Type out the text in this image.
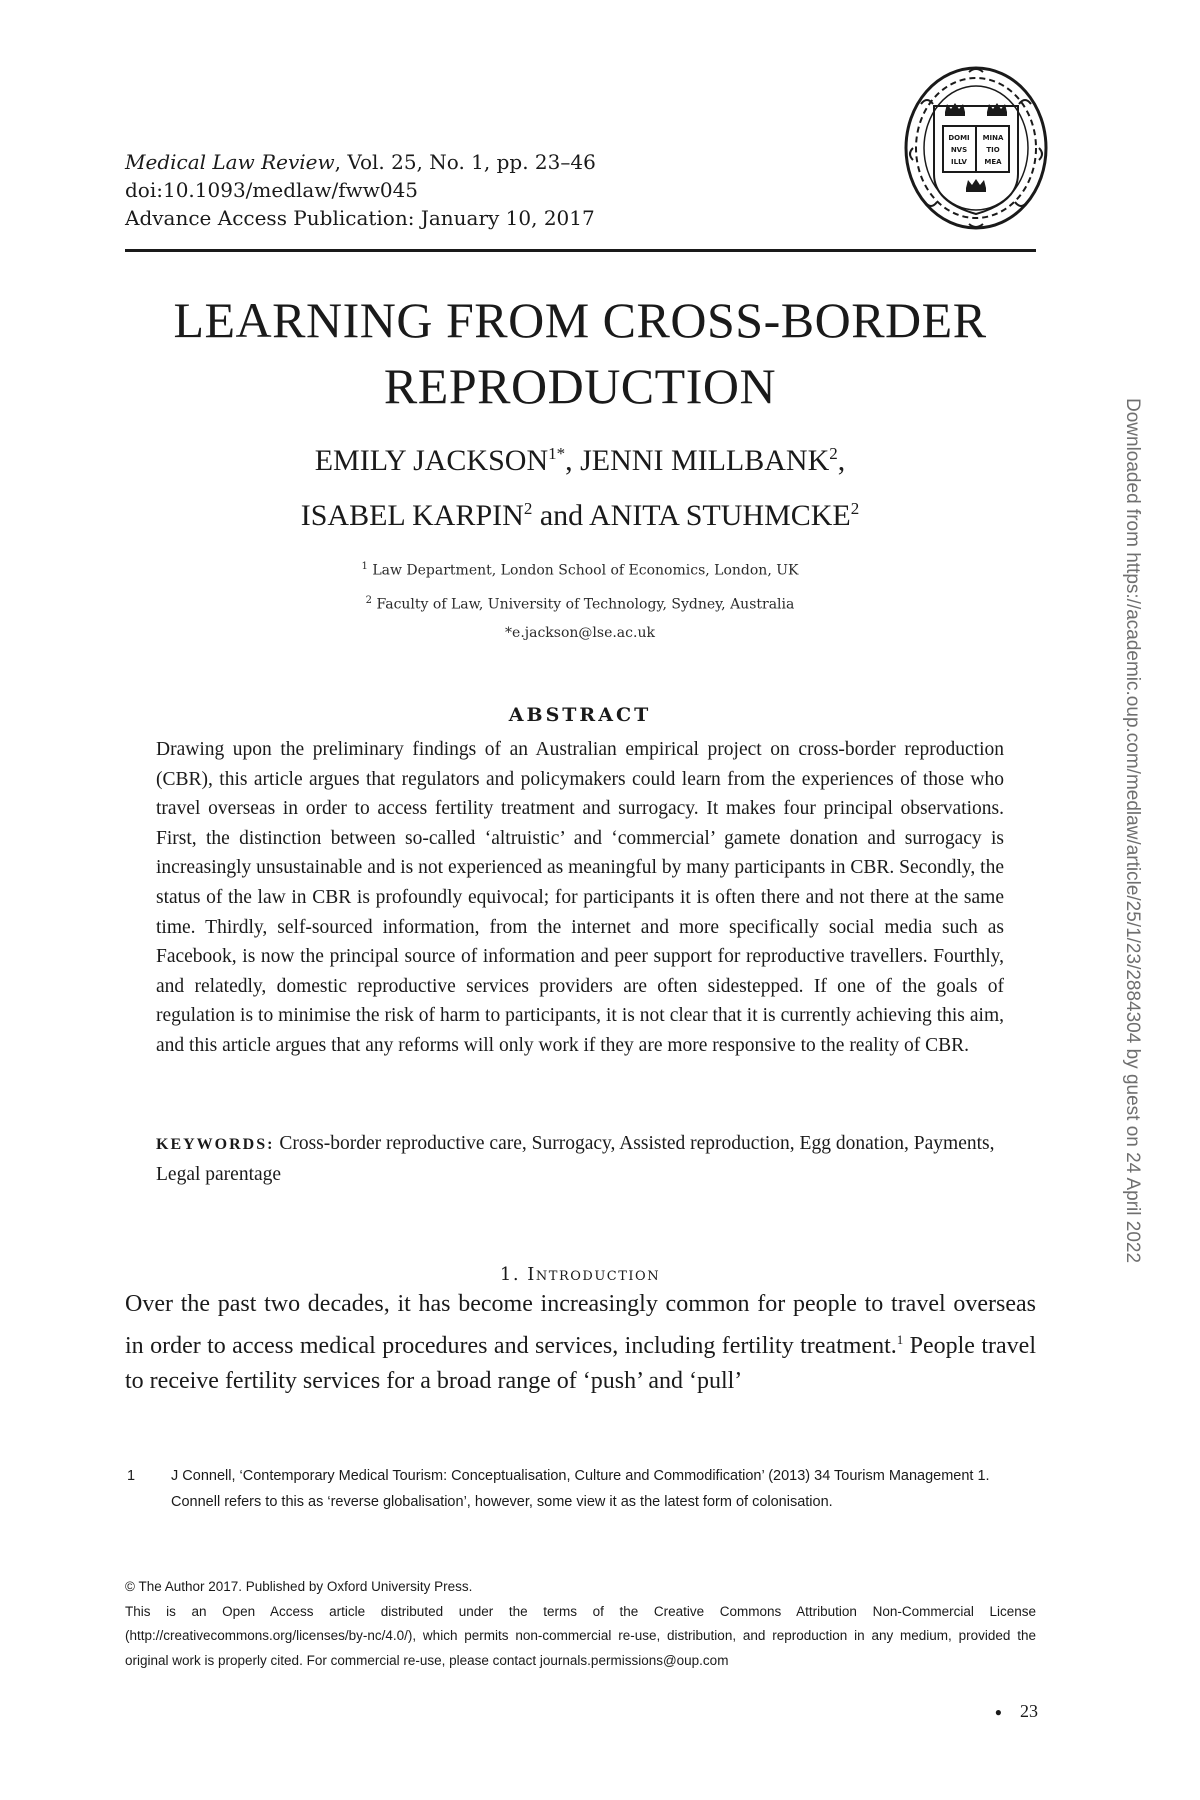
Medical Law Review, Vol. 25, No. 1, pp. 23–46
doi:10.1093/medlaw/fww045
Advance Access Publication: January 10, 2017
DOMI
NVS
ILLV
MINA
TIO
MEA
LEARNING FROM CROSS-BORDER
REPRODUCTION
EMILY $JACKSON^{1*}$, JENNI MILLBANK$^2$,
ISABEL KARPIN$^2$ and ANITA STUHMCKE$^2$
$^1$ Law Department, London School of Economics, London, UK
$^2$ Faculty of Law, University of Technology, Sydney, Australia
*e.jackson@lse.ac.uk
ABSTRACT
Drawing upon the preliminary findings of an Australian empirical project on cross-border reproduction (CBR), this article argues that regulators and policymakers could learn from the experiences of those who travel overseas in order to access fertility treatment and surrogacy. It makes four principal observations. First, the distinction between so-called ‘altruistic’ and ‘commercial’ gamete donation and surrogacy is increasingly unsustainable and is not experienced as meaningful by many participants in CBR. Secondly, the status of the law in CBR is profoundly equivocal; for participants it is often there and not there at the same time. Thirdly, self-sourced information, from the internet and more specifically social media such as Facebook, is now the principal source of information and peer support for reproductive travellers. Fourthly, and relatedly, domestic reproductive services providers are often sidestepped. If one of the goals of regulation is to minimise the risk of harm to participants, it is not clear that it is currently achieving this aim, and this article argues that any reforms will only work if they are more responsive to the reality of CBR.
KEYWORDS: Cross-border reproductive care, Surrogacy, Assisted reproduction, Egg donation, Payments, Legal parentage
1. Introduction
Over the past two decades, it has become increasingly common for people to travel overseas in order to access medical procedures and services, including fertility treatment.$^1$ People travel to receive fertility services for a broad range of ‘push’ and ‘pull’
1 J Connell, ‘Contemporary Medical Tourism: Conceptualisation, Culture and Commodification’ (2013) 34 Tourism Management 1. Connell refers to this as ‘reverse globalisation’, however, some view it as the latest form of colonisation.
© The Author 2017. Published by Oxford University Press.
This is an Open Access article distributed under the terms of the Creative Commons Attribution Non-Commercial License (http://creativecommons.org/licenses/by-nc/4.0/), which permits non-commercial re-use, distribution, and reproduction in any medium, provided the original work is properly cited. For commercial re-use, please contact journals.permissions@oup.com
● 23
Downloaded from https://academic.oup.com/medlaw/article/25/1/23/2884304 by guest on 24 April 2022
